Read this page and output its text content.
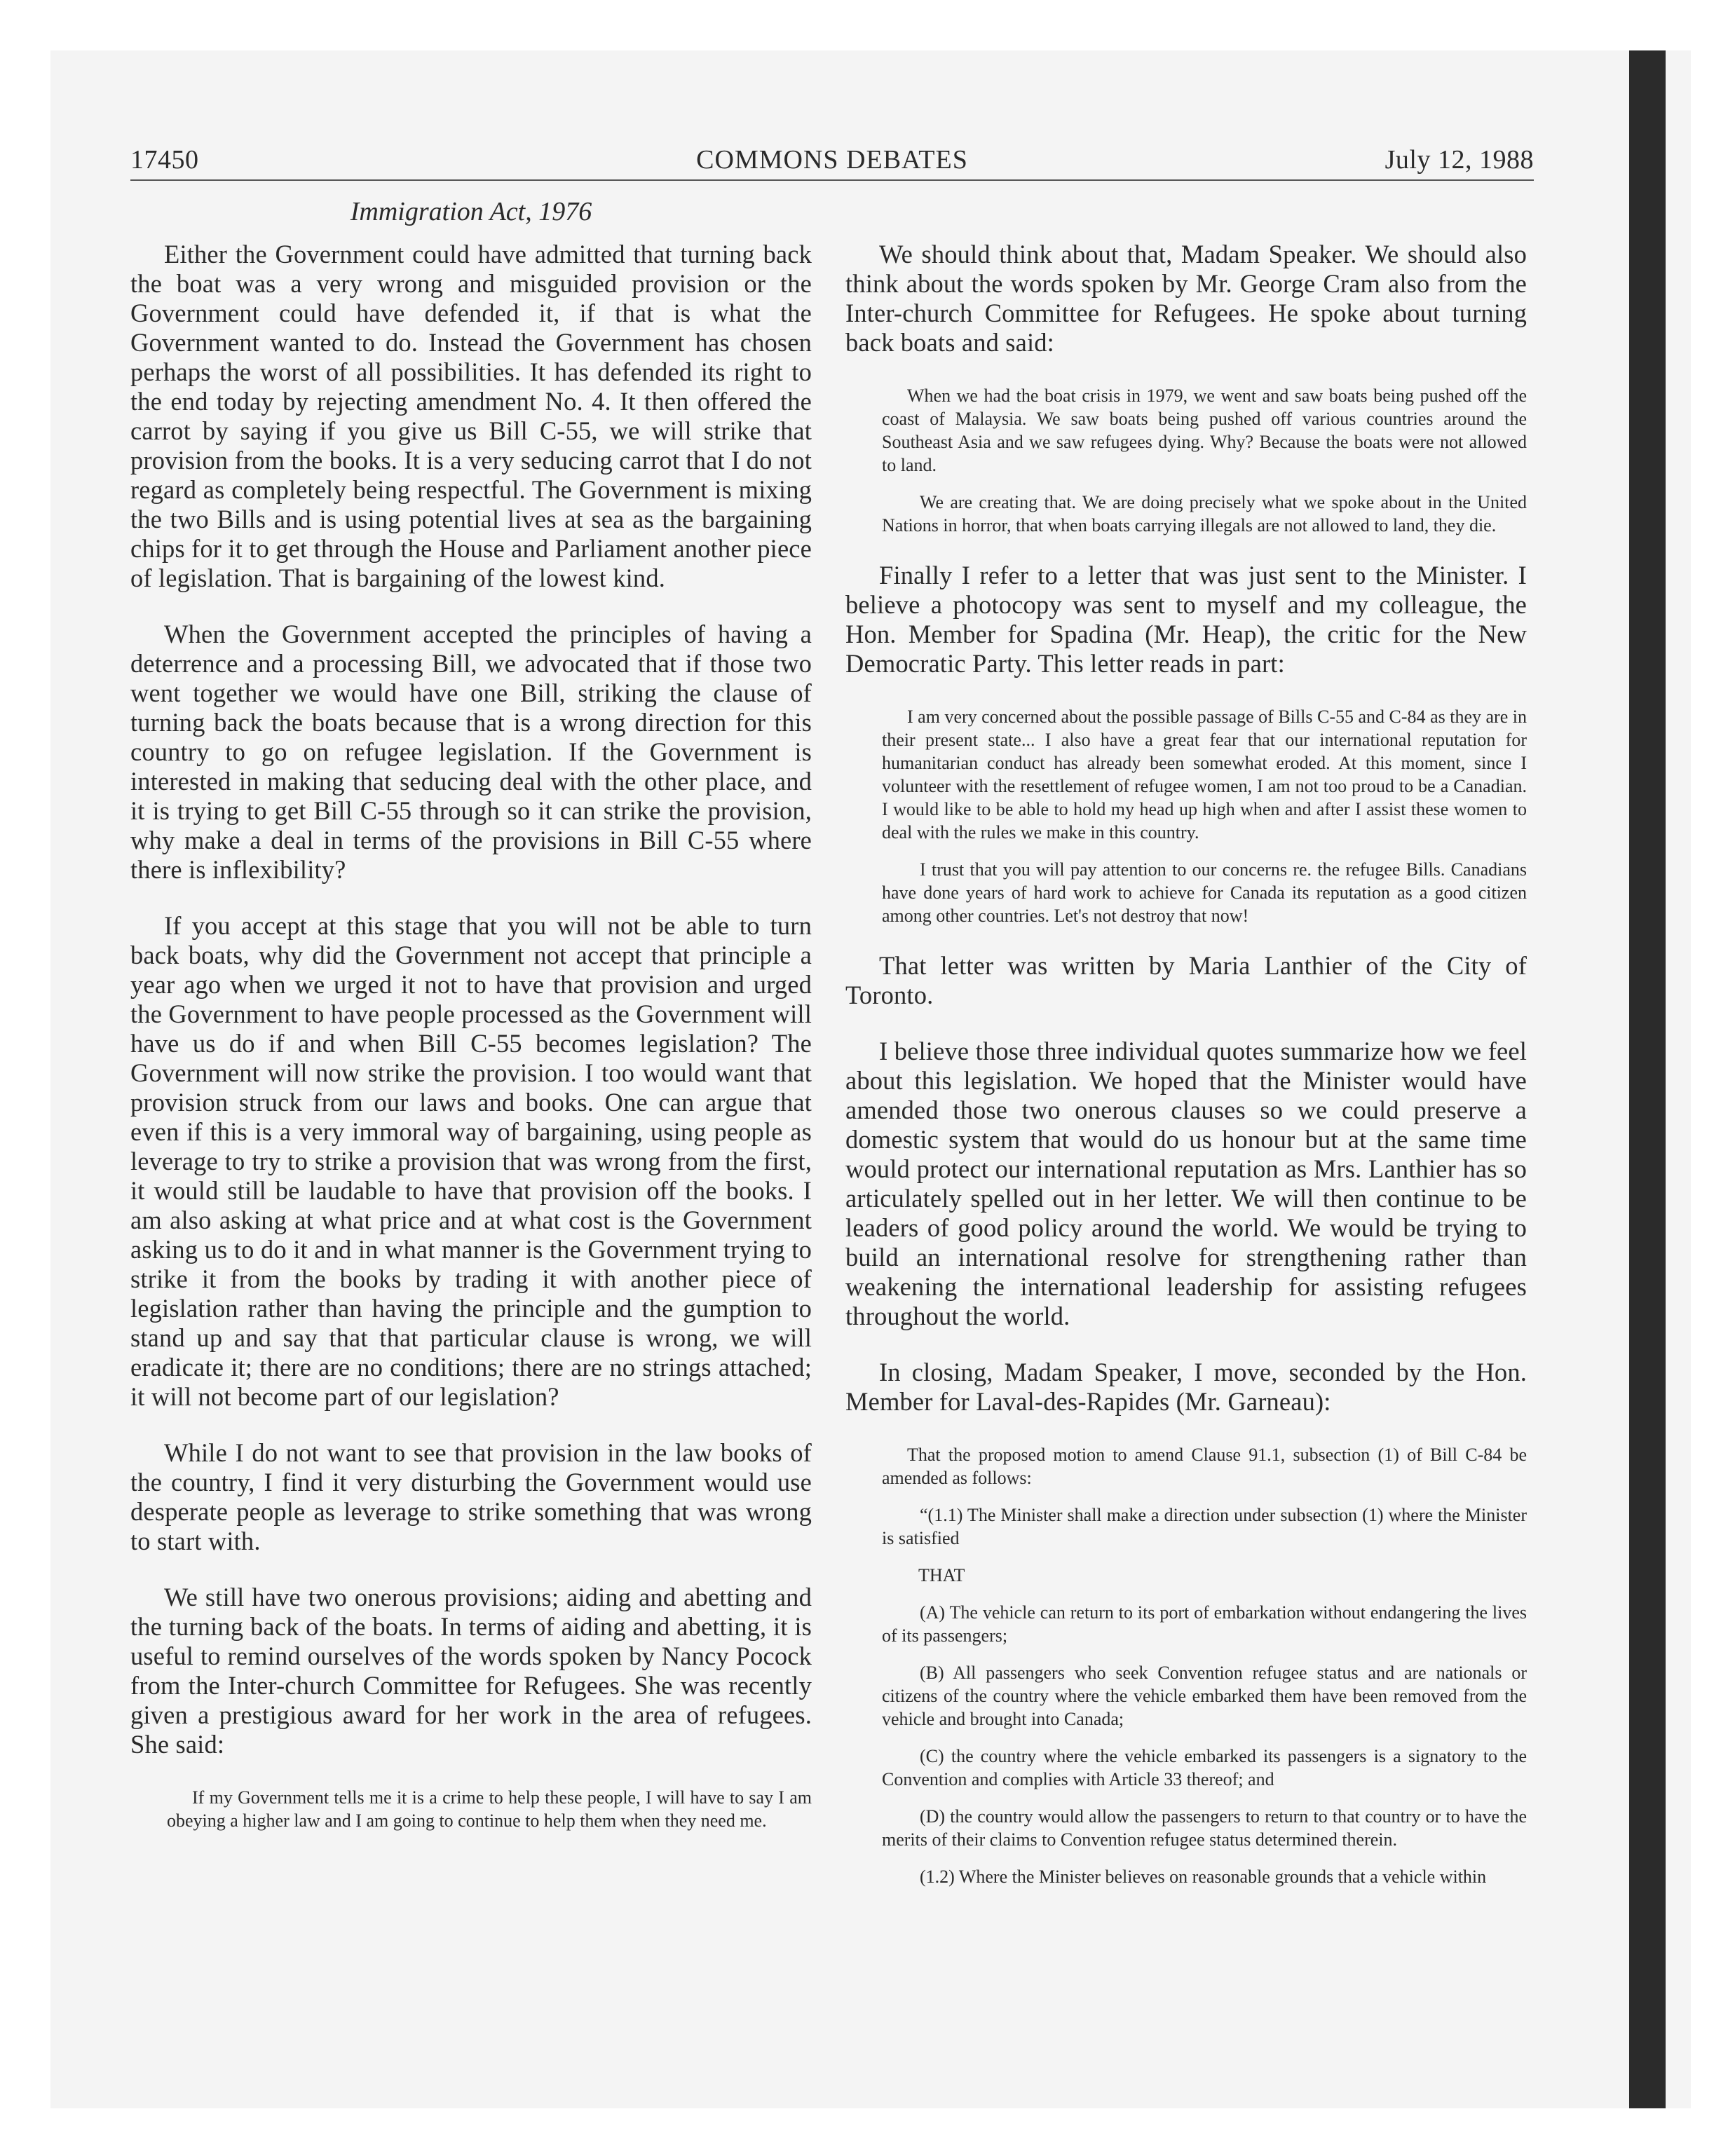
17450	COMMONS DEBATES	July 12, 1988
Immigration Act, 1976

Either the Government could have admitted that turning back the boat was a very wrong and misguided provision or the Government could have defended it, if that is what the Government wanted to do. Instead the Government has chosen perhaps the worst of all possibilities. It has defended its right to the end today by rejecting amendment No. 4. It then offered the carrot by saying if you give us Bill C-55, we will strike that provision from the books. It is a very seducing carrot that I do not regard as completely being respectful. The Government is mixing the two Bills and is using potential lives at sea as the bargaining chips for it to get through the House and Parliament another piece of legislation. That is bargaining of the lowest kind.

When the Government accepted the principles of having a deterrence and a processing Bill, we advocated that if those two went together we would have one Bill, striking the clause of turning back the boats because that is a wrong direction for this country to go on refugee legislation. If the Government is interested in making that seducing deal with the other place, and it is trying to get Bill C-55 through so it can strike the provision, why make a deal in terms of the provisions in Bill C-55 where there is inflexibility?

If you accept at this stage that you will not be able to turn back boats, why did the Government not accept that principle a year ago when we urged it not to have that provision and urged the Government to have people processed as the Government will have us do if and when Bill C-55 becomes legislation? The Government will now strike the provision. I too would want that provision struck from our laws and books. One can argue that even if this is a very immoral way of bargaining, using people as leverage to try to strike a provision that was wrong from the first, it would still be laudable to have that provision off the books. I am also asking at what price and at what cost is the Government asking us to do it and in what manner is the Government trying to strike it from the books by trading it with another piece of legislation rather than having the principle and the gumption to stand up and say that that particular clause is wrong, we will eradicate it; there are no conditions; there are no strings attached; it will not become part of our legislation?

While I do not want to see that provision in the law books of the country, I find it very disturbing the Government would use desperate people as leverage to strike something that was wrong to start with.

We still have two onerous provisions; aiding and abetting and the turning back of the boats. In terms of aiding and abetting, it is useful to remind ourselves of the words spoken by Nancy Pocock from the Inter-church Committee for Refugees. She was recently given a prestigious award for her work in the area of refugees. She said:

If my Government tells me it is a crime to help these people, I will have to say I am obeying a higher law and I am going to continue to help them when they need me.

We should think about that, Madam Speaker. We should also think about the words spoken by Mr. George Cram also from the Inter-church Committee for Refugees. He spoke about turning back boats and said:

When we had the boat crisis in 1979, we went and saw boats being pushed off the coast of Malaysia. We saw boats being pushed off various countries around the Southeast Asia and we saw refugees dying. Why? Because the boats were not allowed to land.
We are creating that. We are doing precisely what we spoke about in the United Nations in horror, that when boats carrying illegals are not allowed to land, they die.

Finally I refer to a letter that was just sent to the Minister. I believe a photocopy was sent to myself and my colleague, the Hon. Member for Spadina (Mr. Heap), the critic for the New Democratic Party. This letter reads in part:

I am very concerned about the possible passage of Bills C-55 and C-84 as they are in their present state... I also have a great fear that our international reputation for humanitarian conduct has already been somewhat eroded. At this moment, since I volunteer with the resettlement of refugee women, I am not too proud to be a Canadian. I would like to be able to hold my head up high when and after I assist these women to deal with the rules we make in this country.
I trust that you will pay attention to our concerns re. the refugee Bills. Canadians have done years of hard work to achieve for Canada its reputation as a good citizen among other countries. Let's not destroy that now!

That letter was written by Maria Lanthier of the City of Toronto.

I believe those three individual quotes summarize how we feel about this legislation. We hoped that the Minister would have amended those two onerous clauses so we could preserve a domestic system that would do us honour but at the same time would protect our international reputation as Mrs. Lanthier has so articulately spelled out in her letter. We will then continue to be leaders of good policy around the world. We would be trying to build an international resolve for strengthening rather than weakening the international leadership for assisting refugees throughout the world.

In closing, Madam Speaker, I move, seconded by the Hon. Member for Laval-des-Rapides (Mr. Garneau):

That the proposed motion to amend Clause 91.1, subsection (1) of Bill C-84 be amended as follows:
“(1.1) The Minister shall make a direction under subsection (1) where the Minister is satisfied
THAT
(A) The vehicle can return to its port of embarkation without endangering the lives of its passengers;
(B) All passengers who seek Convention refugee status and are nationals or citizens of the country where the vehicle embarked them have been removed from the vehicle and brought into Canada;
(C) the country where the vehicle embarked its passengers is a signatory to the Convention and complies with Article 33 thereof; and
(D) the country would allow the passengers to return to that country or to have the merits of their claims to Convention refugee status determined therein.
(1.2) Where the Minister believes on reasonable grounds that a vehicle within
